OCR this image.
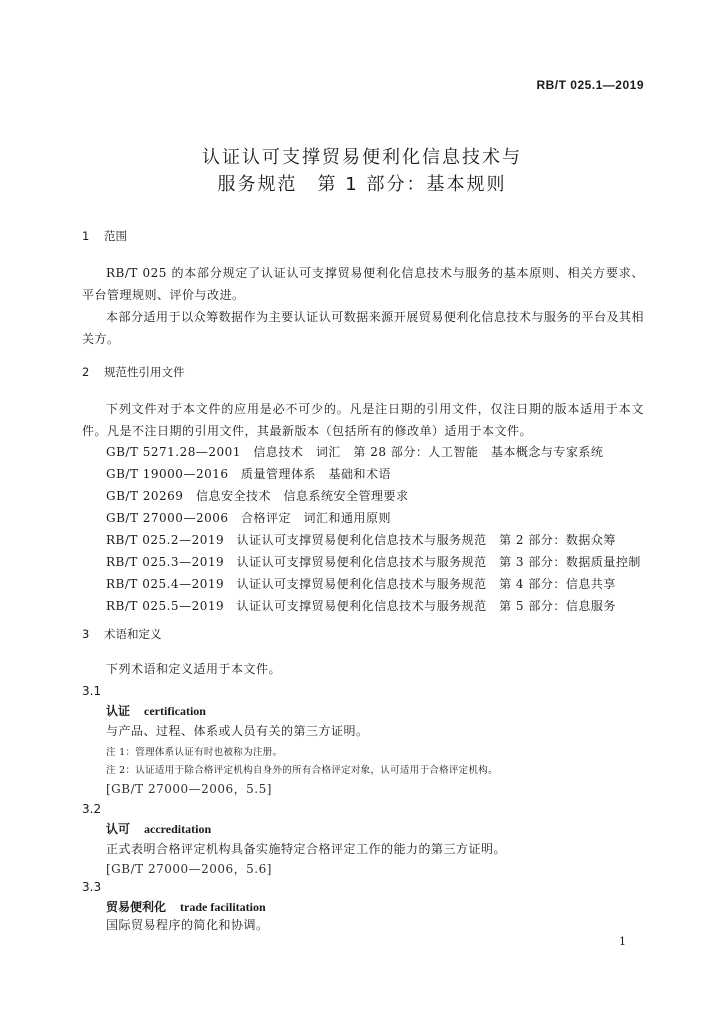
RB/T 025.1—2019
认证认可支撑贸易便利化信息技术与
服务规范　第 1 部分：基本规则
1 范围
RB/T 025 的本部分规定了认证认可支撑贸易便利化信息技术与服务的基本原则、相关方要求、平台管理规则、评价与改进。
本部分适用于以众筹数据作为主要认证认可数据来源开展贸易便利化信息技术与服务的平台及其相关方。
2 规范性引用文件
下列文件对于本文件的应用是必不可少的。凡是注日期的引用文件，仅注日期的版本适用于本文件。凡是不注日期的引用文件，其最新版本（包括所有的修改单）适用于本文件。
GB/T 5271.28—2001　信息技术　词汇　第 28 部分：人工智能　基本概念与专家系统
GB/T 19000—2016　质量管理体系　基础和术语
GB/T 20269　信息安全技术　信息系统安全管理要求
GB/T 27000—2006　合格评定　词汇和通用原则
RB/T 025.2—2019　认证认可支撑贸易便利化信息技术与服务规范　第 2 部分：数据众筹
RB/T 025.3—2019　认证认可支撑贸易便利化信息技术与服务规范　第 3 部分：数据质量控制
RB/T 025.4—2019　认证认可支撑贸易便利化信息技术与服务规范　第 4 部分：信息共享
RB/T 025.5—2019　认证认可支撑贸易便利化信息技术与服务规范　第 5 部分：信息服务
3 术语和定义
下列术语和定义适用于本文件。
3.1
认证 certification
与产品、过程、体系或人员有关的第三方证明。
注 1：管理体系认证有时也被称为注册。
注 2：认证适用于除合格评定机构自身外的所有合格评定对象，认可适用于合格评定机构。
[GB/T 27000—2006，5.5]
3.2
认可 accreditation
正式表明合格评定机构具备实施特定合格评定工作的能力的第三方证明。
[GB/T 27000—2006，5.6]
3.3
贸易便利化 trade facilitation
国际贸易程序的简化和协调。
1
